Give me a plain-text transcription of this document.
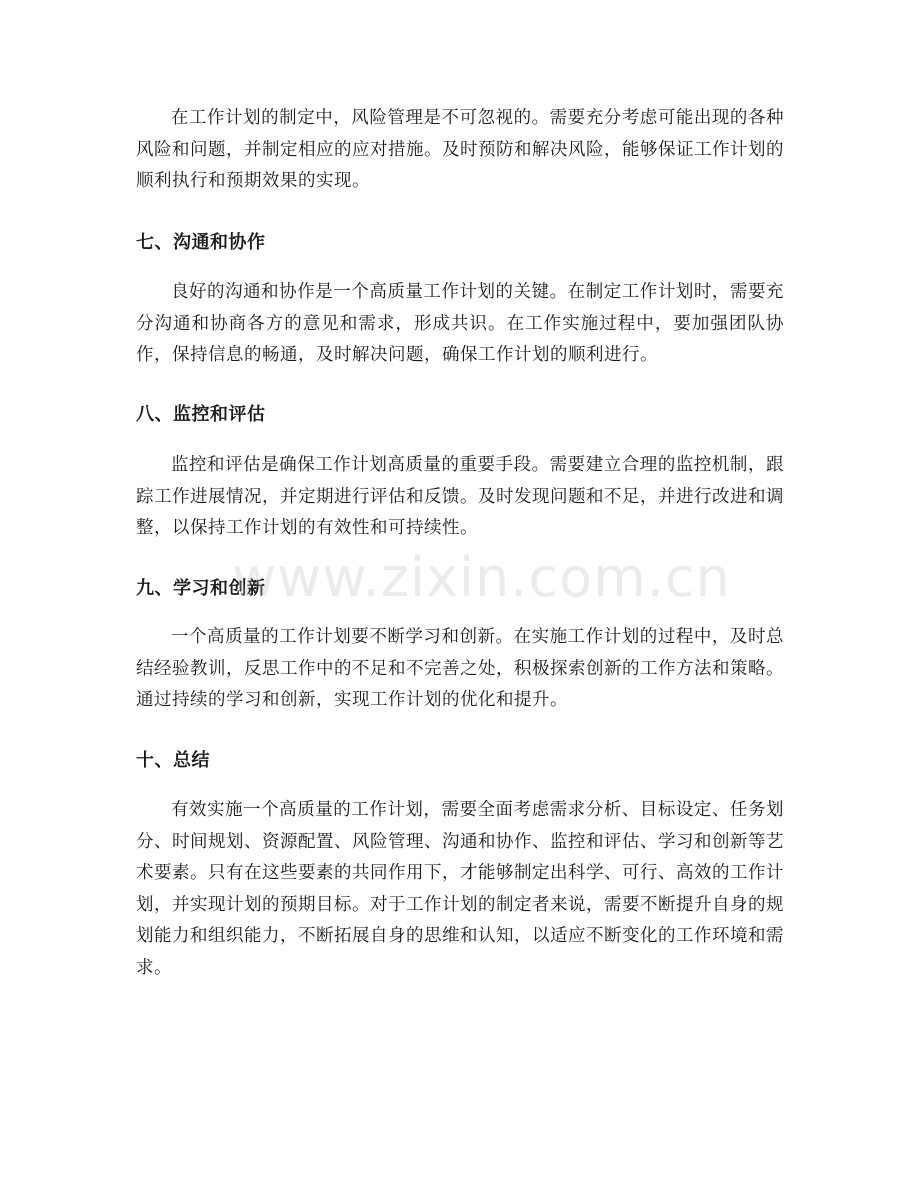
在工作计划的制定中，风险管理是不可忽视的。需要充分考虑可能出现的各种风险和问题，并制定相应的应对措施。及时预防和解决风险，能够保证工作计划的顺利执行和预期效果的实现。

七、沟通和协作

良好的沟通和协作是一个高质量工作计划的关键。在制定工作计划时，需要充分沟通和协商各方的意见和需求，形成共识。在工作实施过程中，要加强团队协作，保持信息的畅通，及时解决问题，确保工作计划的顺利进行。

八、监控和评估

监控和评估是确保工作计划高质量的重要手段。需要建立合理的监控机制，跟踪工作进展情况，并定期进行评估和反馈。及时发现问题和不足，并进行改进和调整，以保持工作计划的有效性和可持续性。

九、学习和创新

一个高质量的工作计划要不断学习和创新。在实施工作计划的过程中，及时总结经验教训，反思工作中的不足和不完善之处，积极探索创新的工作方法和策略。通过持续的学习和创新，实现工作计划的优化和提升。

十、总结

有效实施一个高质量的工作计划，需要全面考虑需求分析、目标设定、任务划分、时间规划、资源配置、风险管理、沟通和协作、监控和评估、学习和创新等艺术要素。只有在这些要素的共同作用下，才能够制定出科学、可行、高效的工作计划，并实现计划的预期目标。对于工作计划的制定者来说，需要不断提升自身的规划能力和组织能力，不断拓展自身的思维和认知，以适应不断变化的工作环境和需求。

www.zixin.com.cn
